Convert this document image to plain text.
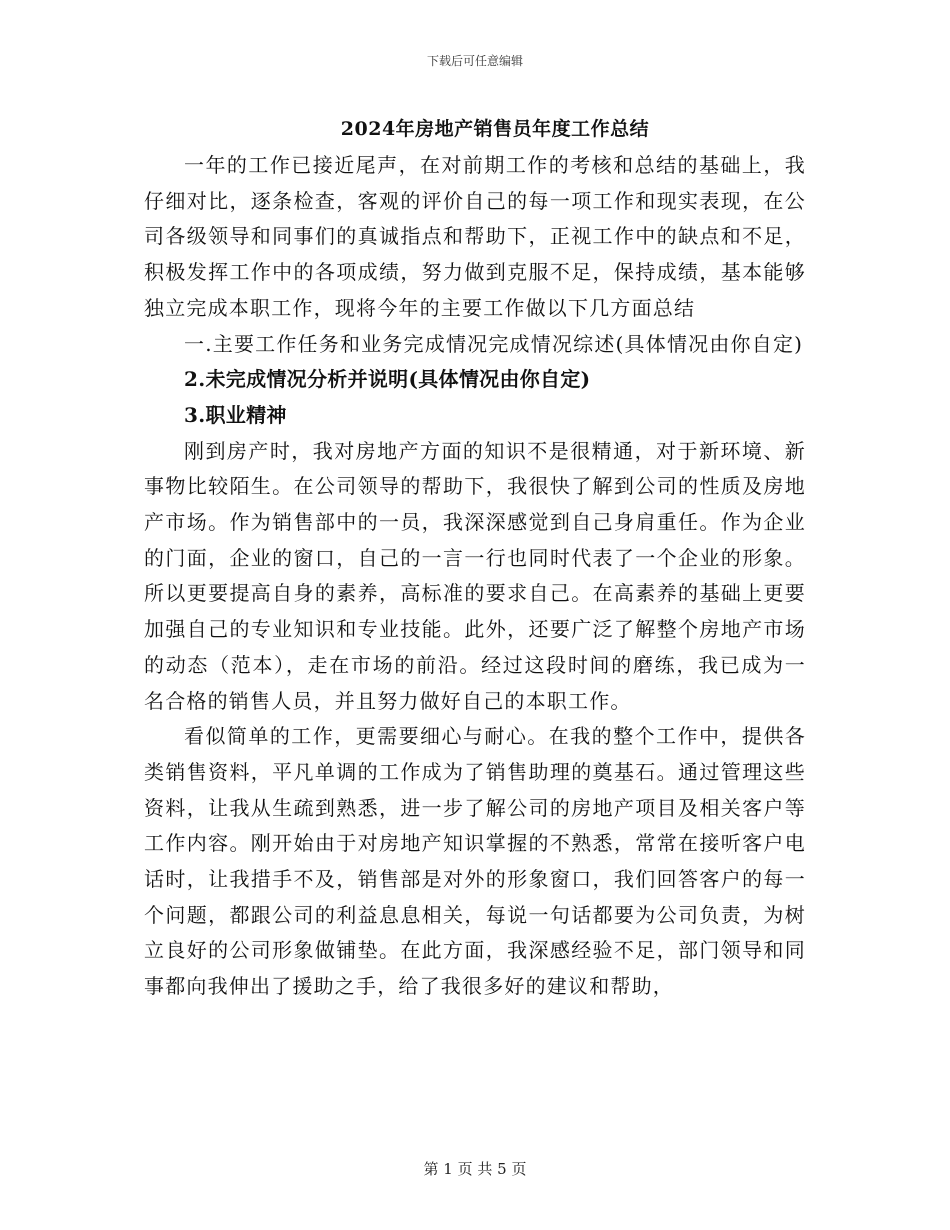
下载后可任意编辑
2024年房地产销售员年度工作总结

一年的工作已接近尾声，在对前期工作的考核和总结的基础上，我仔细对比，逐条检查，客观的评价自己的每一项工作和现实表现，在公司各级领导和同事们的真诚指点和帮助下，正视工作中的缺点和不足，积极发挥工作中的各项成绩，努力做到克服不足，保持成绩，基本能够独立完成本职工作，现将今年的主要工作做以下几方面总结

一.主要工作任务和业务完成情况完成情况综述(具体情况由你自定)

2.未完成情况分析并说明(具体情况由你自定)

3.职业精神

刚到房产时，我对房地产方面的知识不是很精通，对于新环境、新事物比较陌生。在公司领导的帮助下，我很快了解到公司的性质及房地产市场。作为销售部中的一员，我深深感觉到自己身肩重任。作为企业的门面，企业的窗口，自己的一言一行也同时代表了一个企业的形象。所以更要提高自身的素养，高标准的要求自己。在高素养的基础上更要加强自己的专业知识和专业技能。此外，还要广泛了解整个房地产市场的动态（范本），走在市场的前沿。经过这段时间的磨练，我已成为一名合格的销售人员，并且努力做好自己的本职工作。

看似简单的工作，更需要细心与耐心。在我的整个工作中，提供各类销售资料，平凡单调的工作成为了销售助理的奠基石。通过管理这些资料，让我从生疏到熟悉，进一步了解公司的房地产项目及相关客户等工作内容。刚开始由于对房地产知识掌握的不熟悉，常常在接听客户电话时，让我措手不及，销售部是对外的形象窗口，我们回答客户的每一个问题，都跟公司的利益息息相关，每说一句话都要为公司负责，为树立良好的公司形象做铺垫。在此方面，我深感经验不足，部门领导和同事都向我伸出了援助之手，给了我很多好的建议和帮助，

第 1 页 共 5 页
